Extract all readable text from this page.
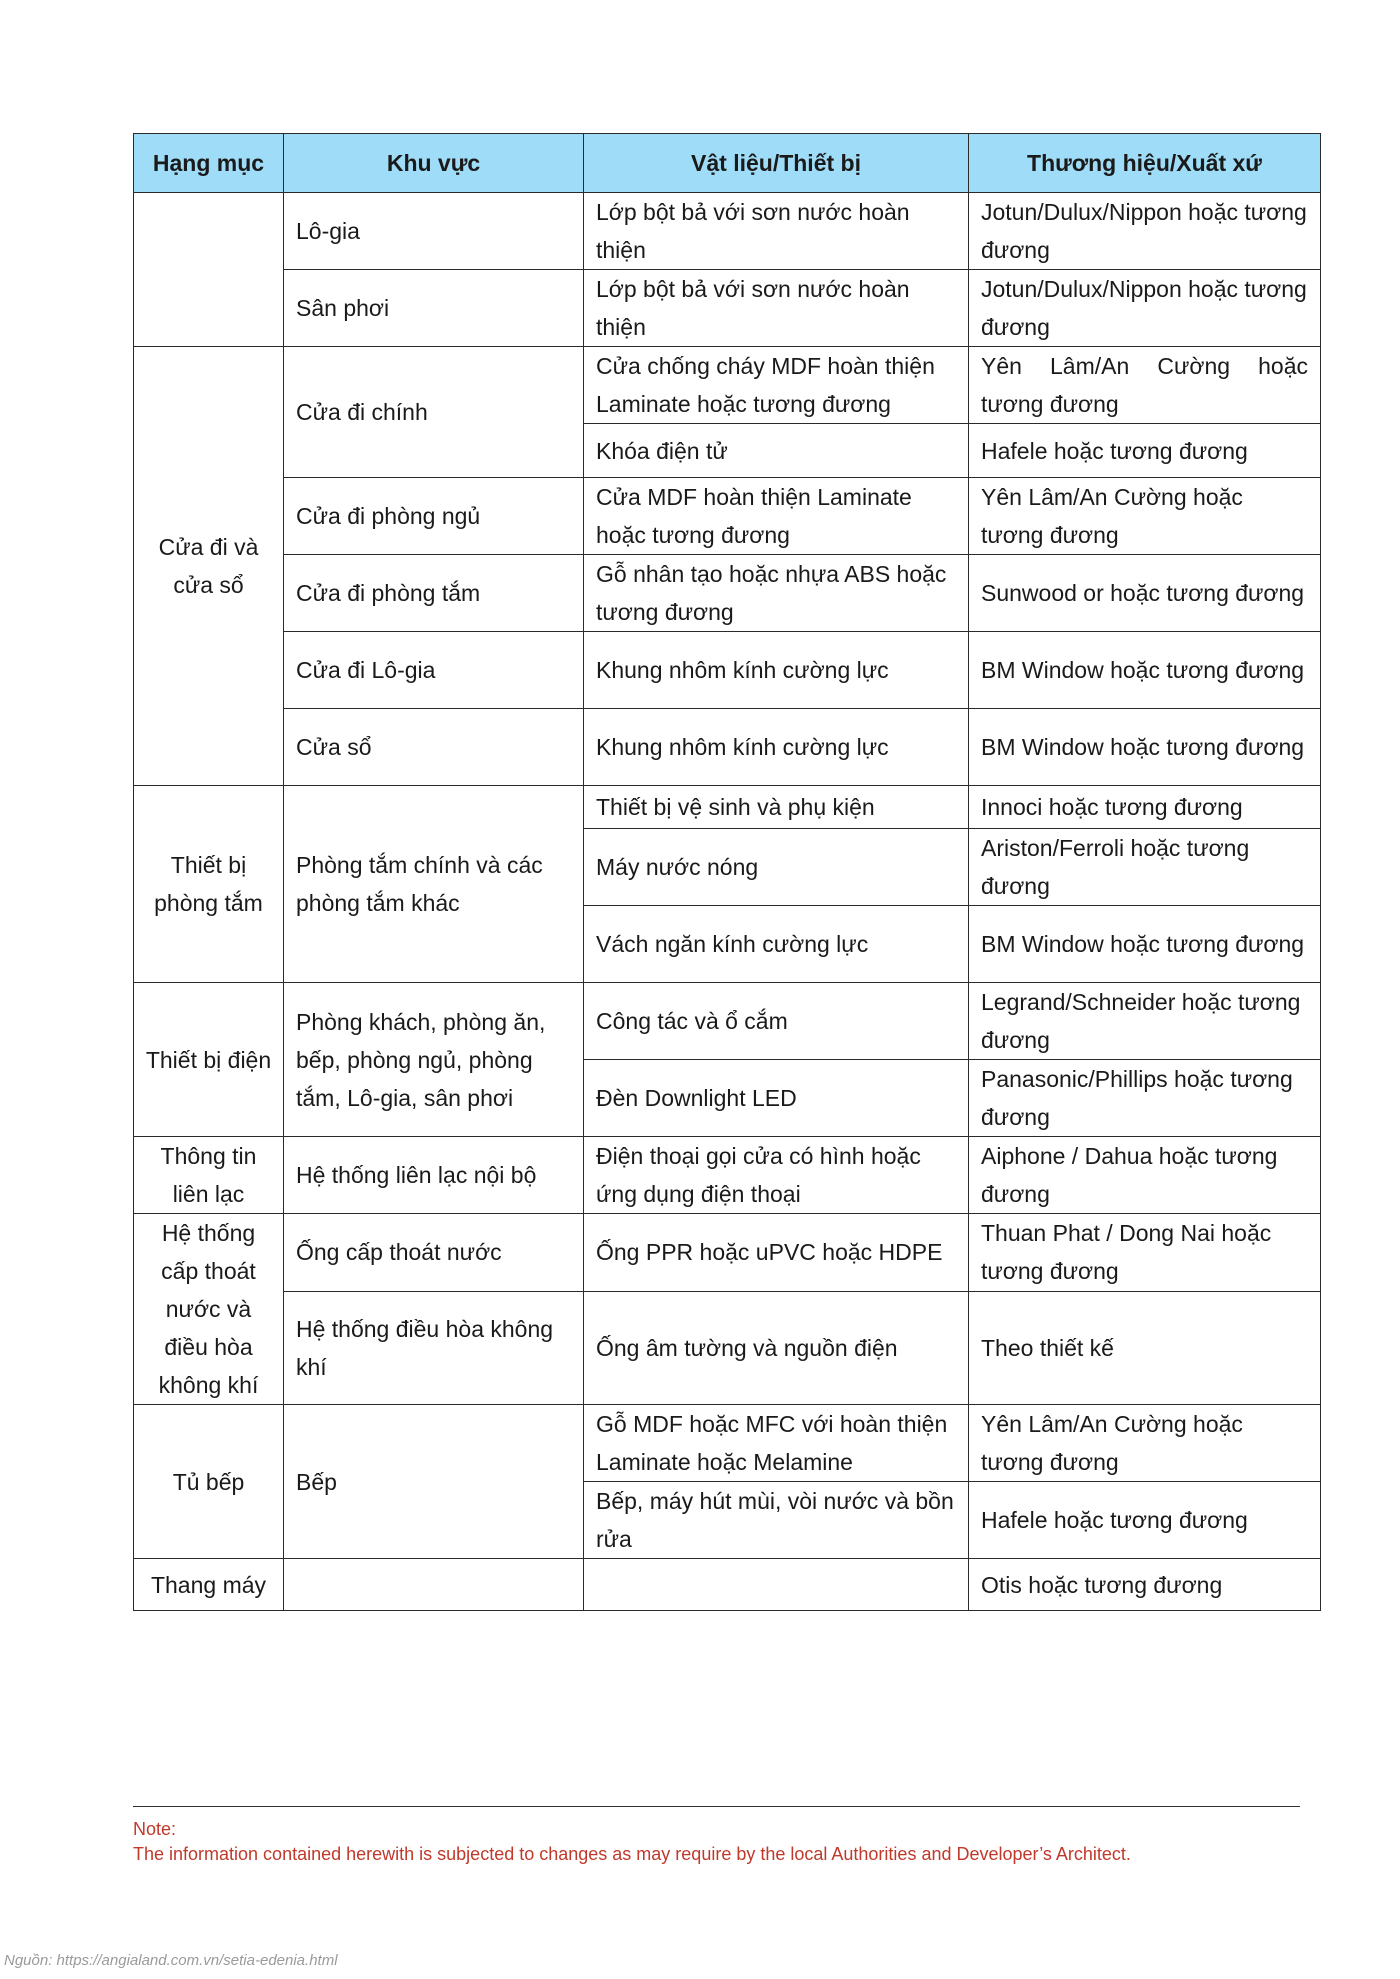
Hạng mục	Khu vực	Vật liệu/Thiết bị	Thương hiệu/Xuất xứ
	Lô-gia	Lớp bột bả với sơn nước hoàn thiện	Jotun/Dulux/Nippon hoặc tương đương
	Sân phơi	Lớp bột bả với sơn nước hoàn thiện	Jotun/Dulux/Nippon hoặc tương đương
Cửa đi và cửa sổ	Cửa đi chính	Cửa chống cháy MDF hoàn thiện Laminate hoặc tương đương	Yên Lâm/An Cường hoặc tương đương
		Khóa điện tử	Hafele hoặc tương đương
	Cửa đi phòng ngủ	Cửa MDF hoàn thiện Laminate hoặc tương đương	Yên Lâm/An Cường hoặc tương đương
	Cửa đi phòng tắm	Gỗ nhân tạo hoặc nhựa ABS hoặc tương đương	Sunwood or hoặc tương đương
	Cửa đi Lô-gia	Khung nhôm kính cường lực	BM Window hoặc tương đương
	Cửa sổ	Khung nhôm kính cường lực	BM Window hoặc tương đương
Thiết bị phòng tắm	Phòng tắm chính và các phòng tắm khác	Thiết bị vệ sinh và phụ kiện	Innoci hoặc tương đương
		Máy nước nóng	Ariston/Ferroli hoặc tương đương
		Vách ngăn kính cường lực	BM Window hoặc tương đương
Thiết bị điện	Phòng khách, phòng ăn, bếp, phòng ngủ, phòng tắm, Lô-gia, sân phơi	Công tác và ổ cắm	Legrand/Schneider hoặc tương đương
		Đèn Downlight LED	Panasonic/Phillips hoặc tương đương
Thông tin liên lạc	Hệ thống liên lạc nội bộ	Điện thoại gọi cửa có hình hoặc ứng dụng điện thoại	Aiphone / Dahua hoặc tương đương
Hệ thống cấp thoát nước và điều hòa không khí	Ống cấp thoát nước	Ống PPR hoặc uPVC hoặc HDPE	Thuan Phat / Dong Nai hoặc tương đương
	Hệ thống điều hòa không khí	Ống âm tường và nguồn điện	Theo thiết kế
Tủ bếp	Bếp	Gỗ MDF hoặc MFC với hoàn thiện Laminate hoặc Melamine	Yên Lâm/An Cường hoặc tương đương
		Bếp, máy hút mùi, vòi nước và bồn rửa	Hafele hoặc tương đương
Thang máy			Otis hoặc tương đương
Note:
The information contained herewith is subjected to changes as may require by the local Authorities and Developer’s Architect.
Nguồn: https://angialand.com.vn/setia-edenia.html
